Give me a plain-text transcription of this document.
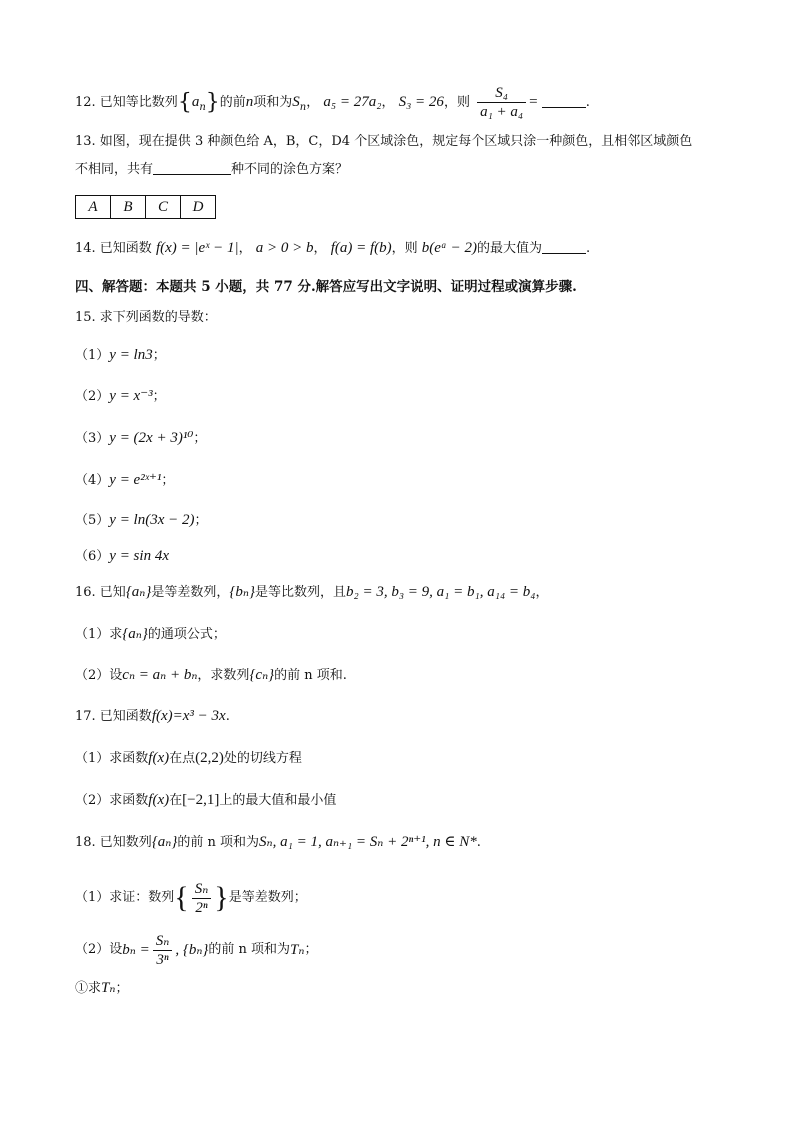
12. 已知等比数列$\{a_n\}$的前n项和为$S_n$， a₅ = 27a₂， S₃ = 26，则 $\frac{\text{S₄}}{\text{a₁ + a₄}}$ =	.
13. 如图，现在提供 3 种颜色给 A，B，C，D4 个区域涂色，规定每个区域只涂一种颜色，且相邻区域颜色
不相同，共有	种不同的涂色方案？
A	B	C	D
14. 已知函数 f(x) = |eˣ − 1|， a > 0 > b， f(a) = f(b)，则 b(eᵃ − 2)的最大值为	.
四、解答题：本题共 5 小题，共 77 分.解答应写出文字说明、证明过程或演算步骤.
15. 求下列函数的导数：
（1）y = ln3；
（2）y = x⁻³；
（3）y = (2x + 3)¹⁰；
（4）y = e²ˣ⁺¹；
（5）y = ln(3x − 2)；
（6）y = sin 4x
16. 已知{aₙ}是等差数列，{bₙ}是等比数列，且b₂ = 3, b₃ = 9, a₁ = b₁, a₁₄ = b₄，
（1）求{aₙ}的通项公式；
（2）设cₙ = aₙ + bₙ，求数列{cₙ}的前 n 项和.
17. 已知函数f(x)=x³ − 3x.
（1）求函数f(x)在点(2,2)处的切线方程
（2）求函数f(x)在[−2,1]上的最大值和最小值
18. 已知数列{aₙ}的前 n 项和为Sₙ, a₁ = 1, aₙ₊₁ = Sₙ + 2ⁿ⁺¹, n ∈ N*.
（1）求证：数列{ $\frac{\text{Sₙ}}{\text{2ⁿ}}$ }是等差数列；
（2）设$b_n = \frac{\text{Sₙ}}{\text{3ⁿ}}$ , {bₙ}的前 n 项和为Tₙ；
①求Tₙ；
